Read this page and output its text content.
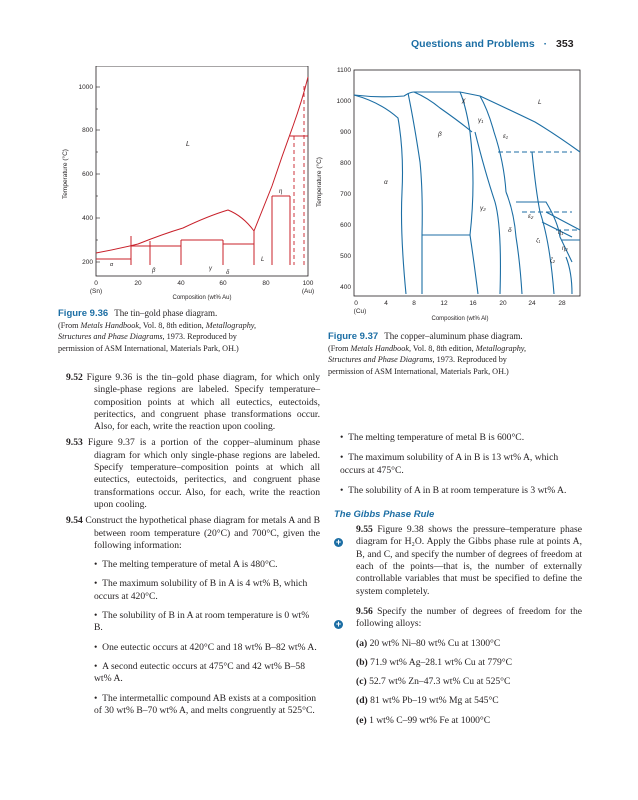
Questions and Problems · 353
1000
800
600
400
200
Temperature (°C)
0	20	40	60	80	100
(Sn)	(Au)
Composition (wt% Au)
L
η
L
α
β	γ
δ
Figure 9.36 The tin–gold phase diagram.
(From Metals Handbook, Vol. 8, 8th edition, Metallography,
Structures and Phase Diagrams, 1973. Reproduced by
permission of ASM International, Materials Park, OH.)
1100
1000
900
800
700
600
500
400
Temperature (°C)
0	4	8	12	16	20	24	28
(Cu)
Composition (wt% Al)
χ	L
γ₁
β	ε₁
α
γ₂
ε₂
δ	η₁
ζ₁
η₂
ζ₂
Figure 9.37 The copper–aluminum phase diagram.
(From Metals Handbook, Vol. 8, 8th edition, Metallography,
Structures and Phase Diagrams, 1973. Reproduced by
permission of ASM International, Materials Park, OH.)
9.52 Figure 9.36 is the tin–gold phase diagram, for which only single-phase regions are labeled. Specify temperature–composition points at which all eutectics, eutectoids, peritectics, and congruent phase transformations occur. Also, for each, write the reaction upon cooling.
9.53 Figure 9.37 is a portion of the copper–aluminum phase diagram for which only single-phase regions are labeled. Specify temperature–composition points at which all eutectics, eutectoids, peritectics, and congruent phase transformations occur. Also, for each, write the reaction upon cooling.
9.54 Construct the hypothetical phase diagram for metals A and B between room temperature (20°C) and 700°C, given the following information:
•  The melting temperature of metal A is 480°C.
•  The maximum solubility of B in A is 4 wt% B, which occurs at 420°C.
•  The solubility of B in A at room temperature is 0 wt% B.
•  One eutectic occurs at 420°C and 18 wt% B–82 wt% A.
•  A second eutectic occurs at 475°C and 42 wt% B–58 wt% A.
•  The intermetallic compound AB exists at a composition of 30 wt% B–70 wt% A, and melts congruently at 525°C.
•  The melting temperature of metal B is 600°C.
•  The maximum solubility of A in B is 13 wt% A, which occurs at 475°C.
•  The solubility of A in B at room temperature is 3 wt% A.
The Gibbs Phase Rule
+
9.55 Figure 9.38 shows the pressure–temperature phase diagram for H₂O. Apply the Gibbs phase rule at points A, B, and C, and specify the number of degrees of freedom at each of the points—that is, the number of externally controllable variables that must be specified to define the system completely.
+
9.56 Specify the number of degrees of freedom for the following alloys:
(a) 20 wt% Ni–80 wt% Cu at 1300°C
(b) 71.9 wt% Ag–28.1 wt% Cu at 779°C
(c) 52.7 wt% Zn–47.3 wt% Cu at 525°C
(d) 81 wt% Pb–19 wt% Mg at 545°C
(e) 1 wt% C–99 wt% Fe at 1000°C
